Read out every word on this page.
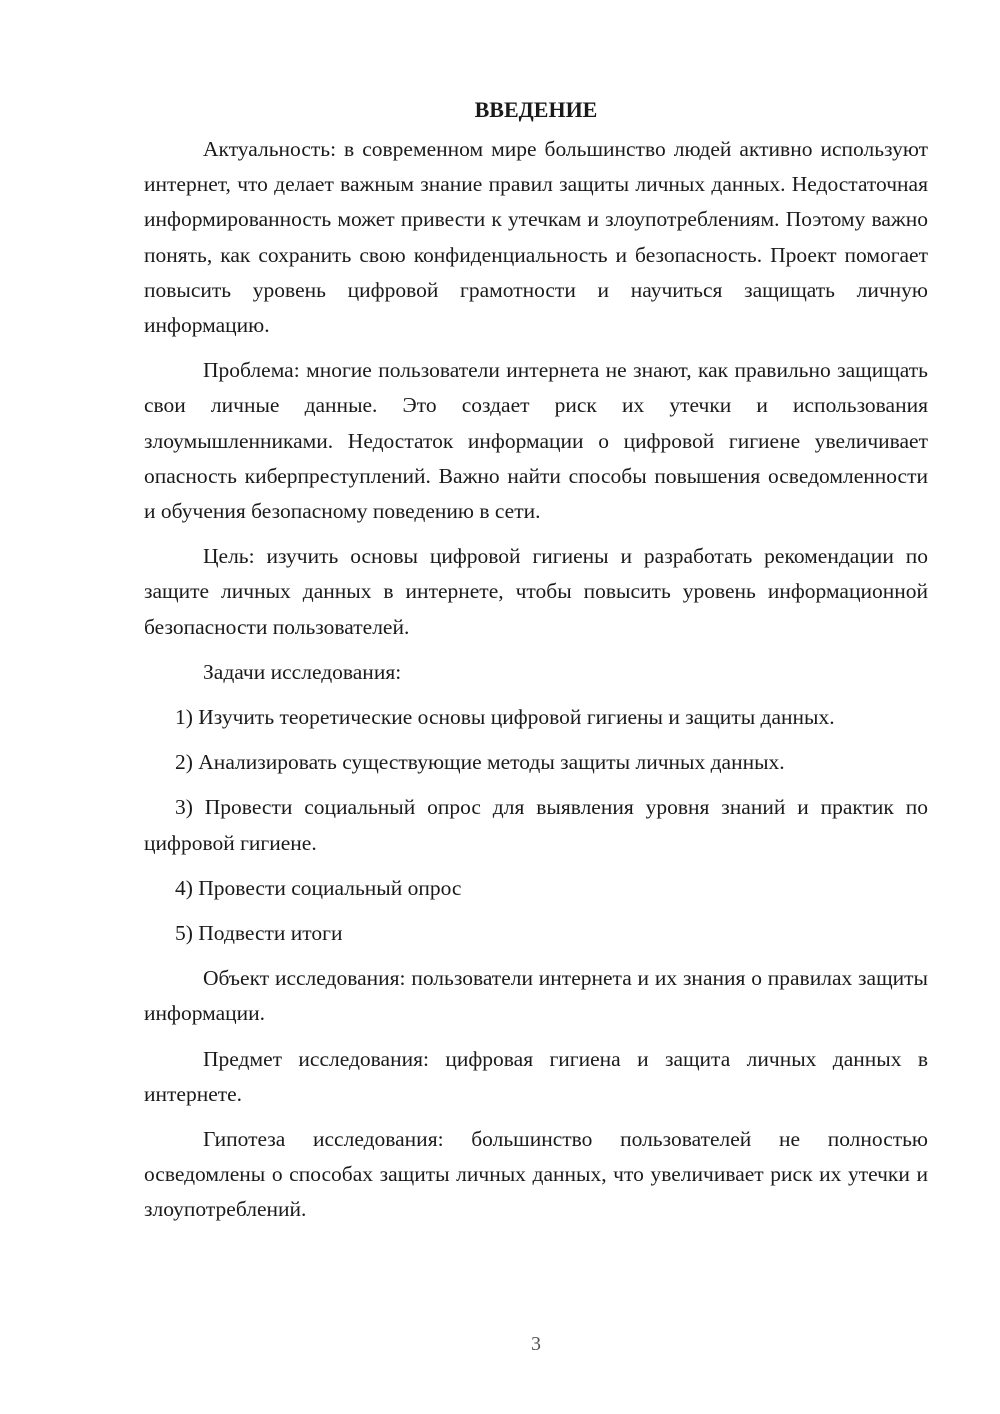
ВВЕДЕНИЕ

Актуальность: в современном мире большинство людей активно используют интернет, что делает важным знание правил защиты личных данных. Недостаточная информированность может привести к утечкам и злоупотреблениям. Поэтому важно понять, как сохранить свою конфиденциальность и безопасность. Проект помогает повысить уровень цифровой грамотности и научиться защищать личную информацию.

Проблема: многие пользователи интернета не знают, как правильно защищать свои личные данные. Это создает риск их утечки и использования злоумышленниками. Недостаток информации о цифровой гигиене увеличивает опасность киберпреступлений. Важно найти способы повышения осведомленности и обучения безопасному поведению в сети.

Цель: изучить основы цифровой гигиены и разработать рекомендации по защите личных данных в интернете, чтобы повысить уровень информационной безопасности пользователей.

Задачи исследования:

1) Изучить теоретические основы цифровой гигиены и защиты данных.

2) Анализировать существующие методы защиты личных данных.

3) Провести социальный опрос для выявления уровня знаний и практик по цифровой гигиене.

4) Провести социальный опрос

5) Подвести итоги

Объект исследования: пользователи интернета и их знания о правилах защиты информации.

Предмет исследования: цифровая гигиена и защита личных данных в интернете.

Гипотеза исследования: большинство пользователей не полностью осведомлены о способах защиты личных данных, что увеличивает риск их утечки и злоупотреблений.

3
